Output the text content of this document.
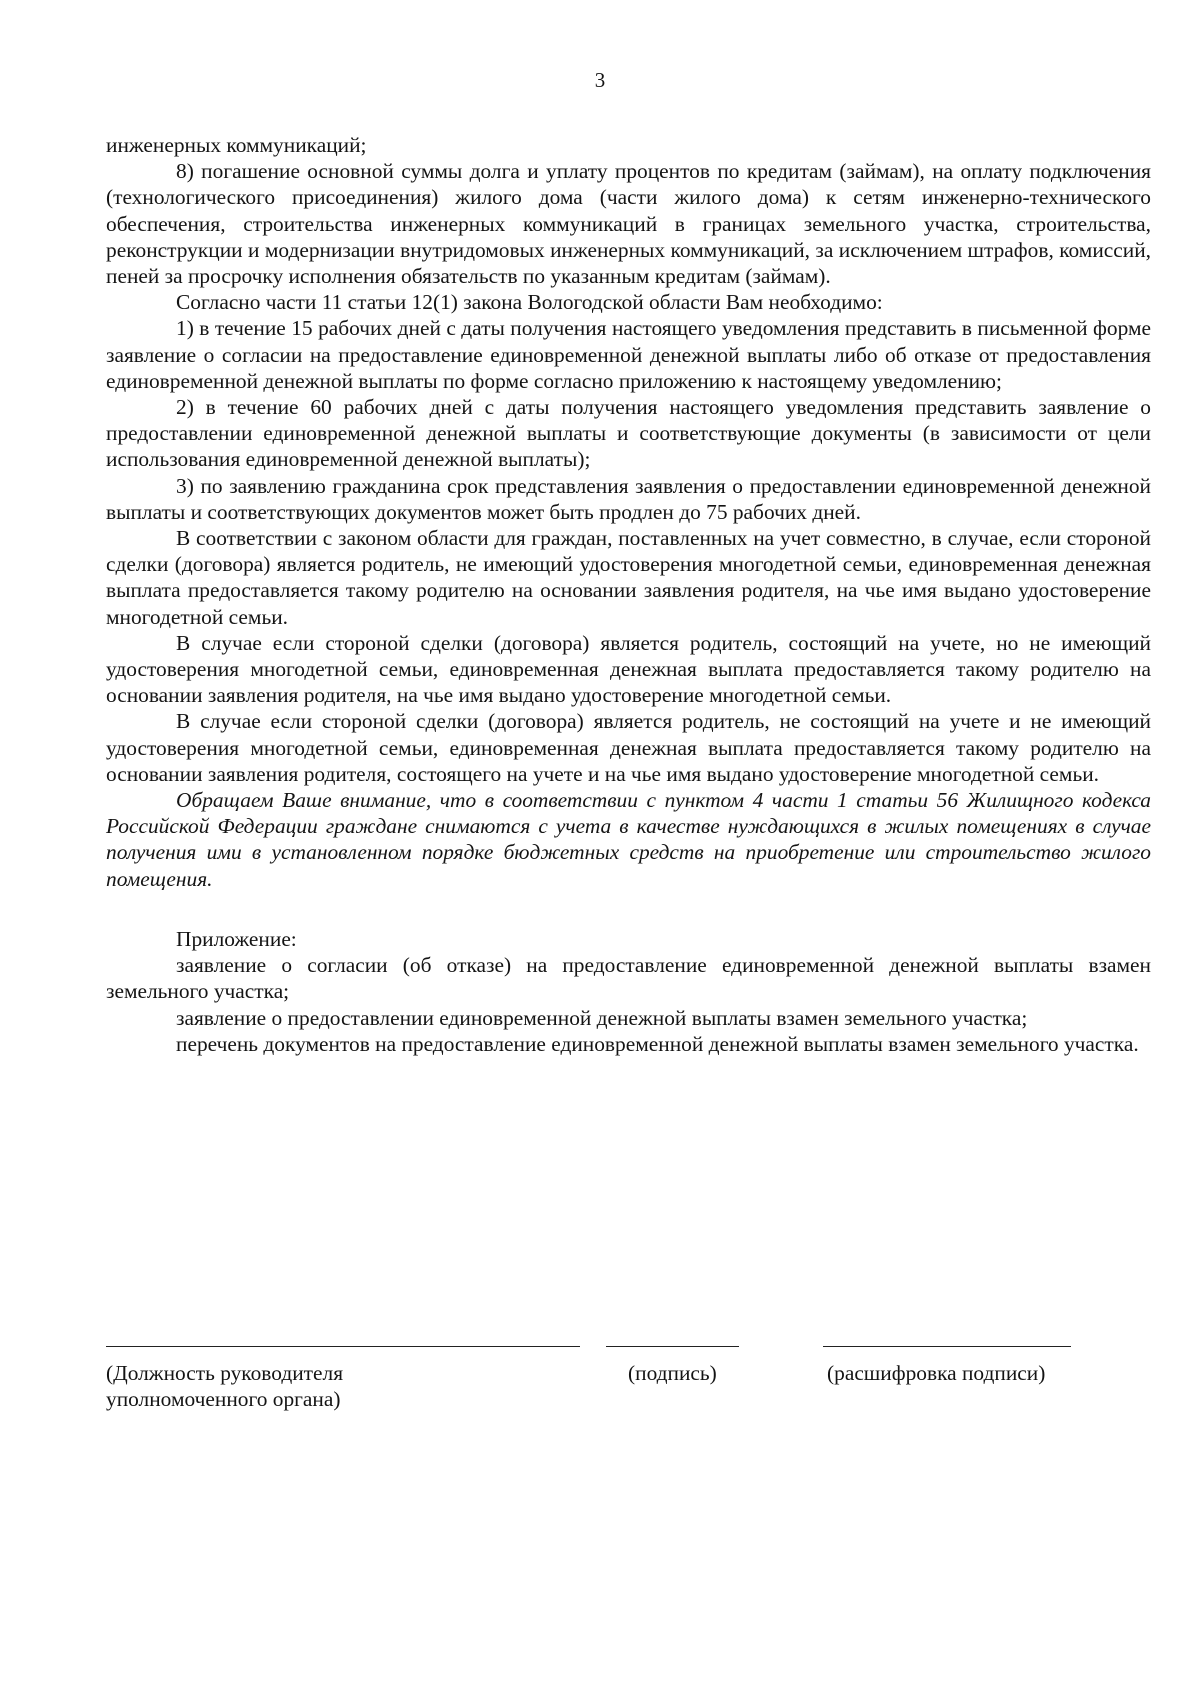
3

инженерных коммуникаций;

8) погашение основной суммы долга и уплату процентов по кредитам (займам), на оплату подключения (технологического присоединения) жилого дома (части жилого дома) к сетям инженерно-технического обеспечения, строительства инженерных коммуникаций в границах земельного участка, строительства, реконструкции и модернизации внутридомовых инженерных коммуникаций, за исключением штрафов, комиссий, пеней за просрочку исполнения обязательств по указанным кредитам (займам).

Согласно части 11 статьи 12(1) закона Вологодской области Вам необходимо:

1) в течение 15 рабочих дней с даты получения настоящего уведомления представить в письменной форме заявление о согласии на предоставление единовременной денежной выплаты либо об отказе от предоставления единовременной денежной выплаты по форме согласно приложению к настоящему уведомлению;

2) в течение 60 рабочих дней с даты получения настоящего уведомления представить заявление о предоставлении единовременной денежной выплаты и соответствующие документы (в зависимости от цели использования единовременной денежной выплаты);

3) по заявлению гражданина срок представления заявления о предоставлении единовременной денежной выплаты и соответствующих документов может быть продлен до 75 рабочих дней.

В соответствии с законом области для граждан, поставленных на учет совместно, в случае, если стороной сделки (договора) является родитель, не имеющий удостоверения многодетной семьи, единовременная денежная выплата предоставляется такому родителю на основании заявления родителя, на чье имя выдано удостоверение многодетной семьи.

В случае если стороной сделки (договора) является родитель, состоящий на учете, но не имеющий удостоверения многодетной семьи, единовременная денежная выплата предоставляется такому родителю на основании заявления родителя, на чье имя выдано удостоверение многодетной семьи.

В случае если стороной сделки (договора) является родитель, не состоящий на учете и не имеющий удостоверения многодетной семьи, единовременная денежная выплата предоставляется такому родителю на основании заявления родителя, состоящего на учете и на чье имя выдано удостоверение многодетной семьи.

Обращаем Ваше внимание, что в соответствии с пунктом 4 части 1 статьи 56 Жилищного кодекса Российской Федерации граждане снимаются с учета в качестве нуждающихся в жилых помещениях в случае получения ими в установленном порядке бюджетных средств на приобретение или строительство жилого помещения.

Приложение:

заявление о согласии (об отказе) на предоставление единовременной денежной выплаты взамен земельного участка;

заявление о предоставлении единовременной денежной выплаты взамен земельного участка;

перечень документов на предоставление единовременной денежной выплаты взамен земельного участка.

(Должность руководителя
уполномоченного органа)
(подпись)	(расшифровка подписи)
